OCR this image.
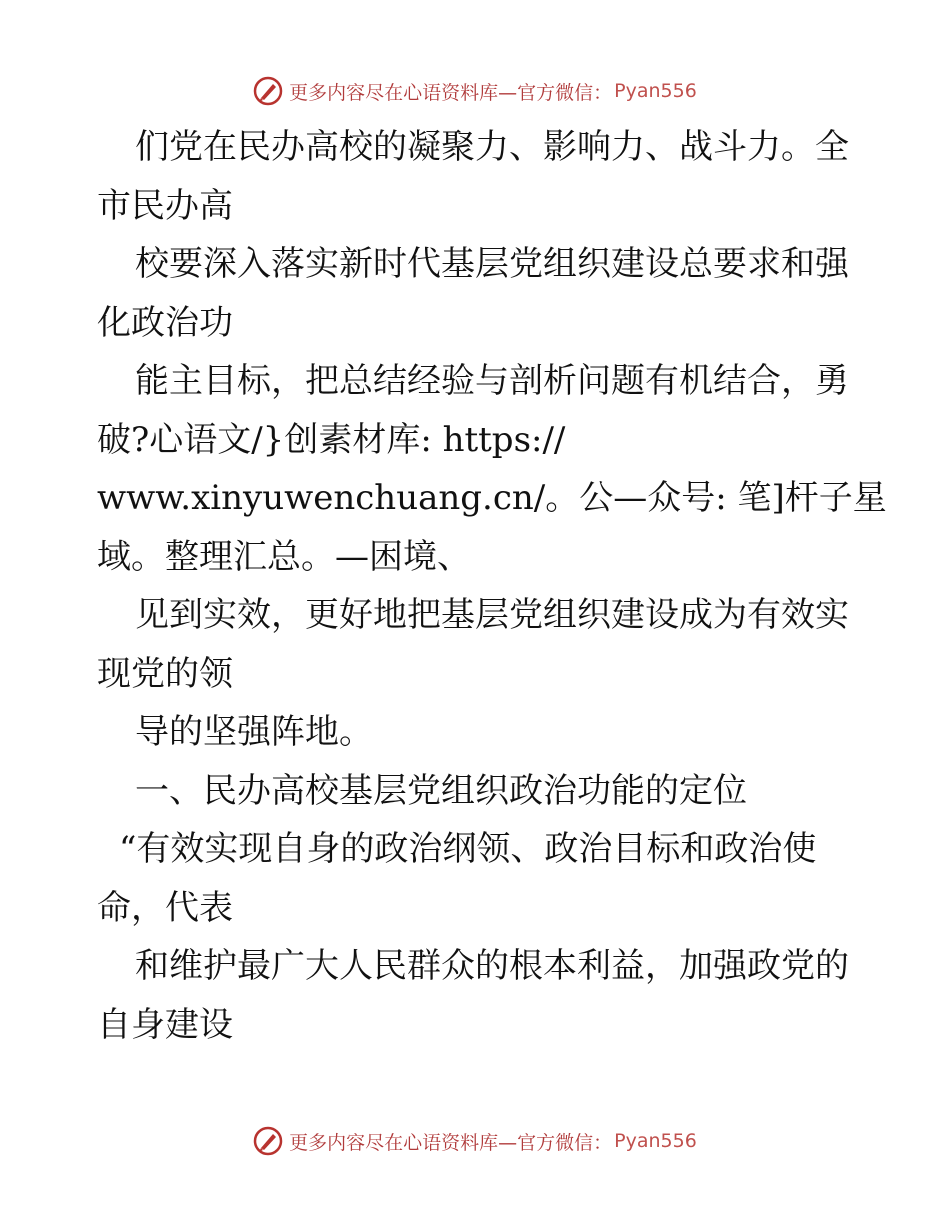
更多内容尽在心语资料库—官方微信： Pyan556
们党在民办高校的凝聚力、影响力、战斗力。全
市民办高
校要深入落实新时代基层党组织建设总要求和强
化政治功
能主目标，把总结经验与剖析问题有机结合，勇
破?心语文/}创素材库: https://
www.xinyuwenchuang.cn/。公—众号: 笔]杆子星
域。整理汇总。—困境、
见到实效，更好地把基层党组织建设成为有效实
现党的领
导的坚强阵地。
一、民办高校基层党组织政治功能的定位
“有效实现自身的政治纲领、政治目标和政治使
命，代表
和维护最广大人民群众的根本利益，加强政党的
自身建设
更多内容尽在心语资料库—官方微信： Pyan556
